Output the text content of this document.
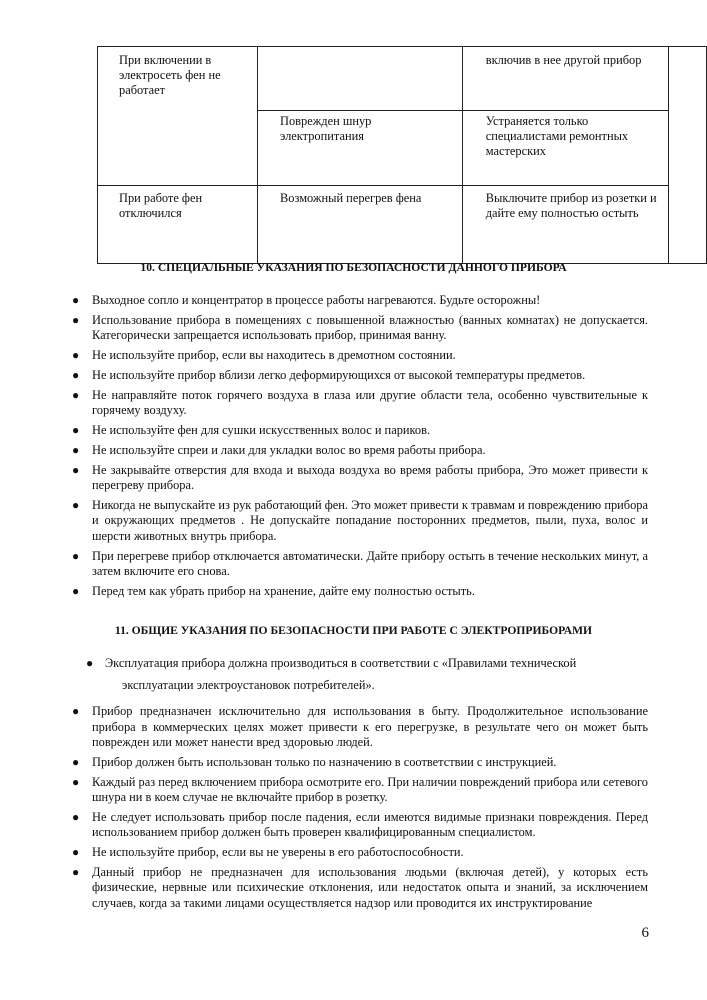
При включении в электросеть фен не работает		включив в нее другой прибор	
	Поврежден шнур электропитания	Устраняется только специалистами ремонтных мастерских	
При работе фен отключился	Возможный перегрев фена	Выключите прибор из розетки и дайте ему полностью остыть	
10. СПЕЦИАЛЬНЫЕ УКАЗАНИЯ ПО БЕЗОПАСНОСТИ ДАННОГО ПРИБОРА
● Выходное сопло и концентратор в процессе работы нагреваются. Будьте осторожны!
● Использование прибора в помещениях с повышенной влажностью (ванных комнатах) не допускается. Категорически запрещается использовать прибор, принимая ванну.
● Не используйте прибор, если вы находитесь в дремотном состоянии.
● Не используйте прибор вблизи легко деформирующихся от высокой температуры предметов.
● Не направляйте поток горячего воздуха в глаза или другие области тела, особенно чувствительные к горячему воздуху.
● Не используйте фен для сушки искусственных волос и париков.
● Не используйте спреи и лаки для укладки волос во время работы прибора.
● Не закрывайте отверстия для входа и выхода воздуха во время работы прибора, Это может привести к перегреву прибора.
● Никогда не выпускайте из рук работающий фен. Это может привести к травмам и повреждению прибора и окружающих предметов . Не допускайте попадание посторонних предметов, пыли, пуха, волос и шерсти животных внутрь прибора.
● При перегреве прибор отключается автоматически. Дайте прибору остыть в течение нескольких минут, а затем включите его снова.
● Перед тем как убрать прибор на хранение, дайте ему полностью остыть.
11. ОБЩИЕ УКАЗАНИЯ ПО БЕЗОПАСНОСТИ ПРИ РАБОТЕ С ЭЛЕКТРОПРИБОРАМИ
● Эксплуатация прибора должна производиться в соответствии с «Правилами технической
эксплуатации электроустановок потребителей».
● Прибор предназначен исключительно для использования в быту. Продолжительное использование прибора в коммерческих целях может привести к его перегрузке, в результате чего он может быть поврежден или может нанести вред здоровью людей.
● Прибор должен быть использован только по назначению в соответствии с инструкцией.
● Каждый раз перед включением прибора осмотрите его. При наличии повреждений прибора или сетевого шнура ни в коем случае не включайте прибор в розетку.
● Не следует использовать прибор после падения, если имеются видимые признаки повреждения. Перед использованием прибор должен быть проверен квалифицированным специалистом.
● Не используйте прибор, если вы не уверены в его работоспособности.
● Данный прибор не предназначен для использования людьми (включая детей), у которых есть физические, нервные или психические отклонения, или недостаток опыта и знаний, за исключением случаев, когда за такими лицами осуществляется надзор или проводится их инструктирование
6
